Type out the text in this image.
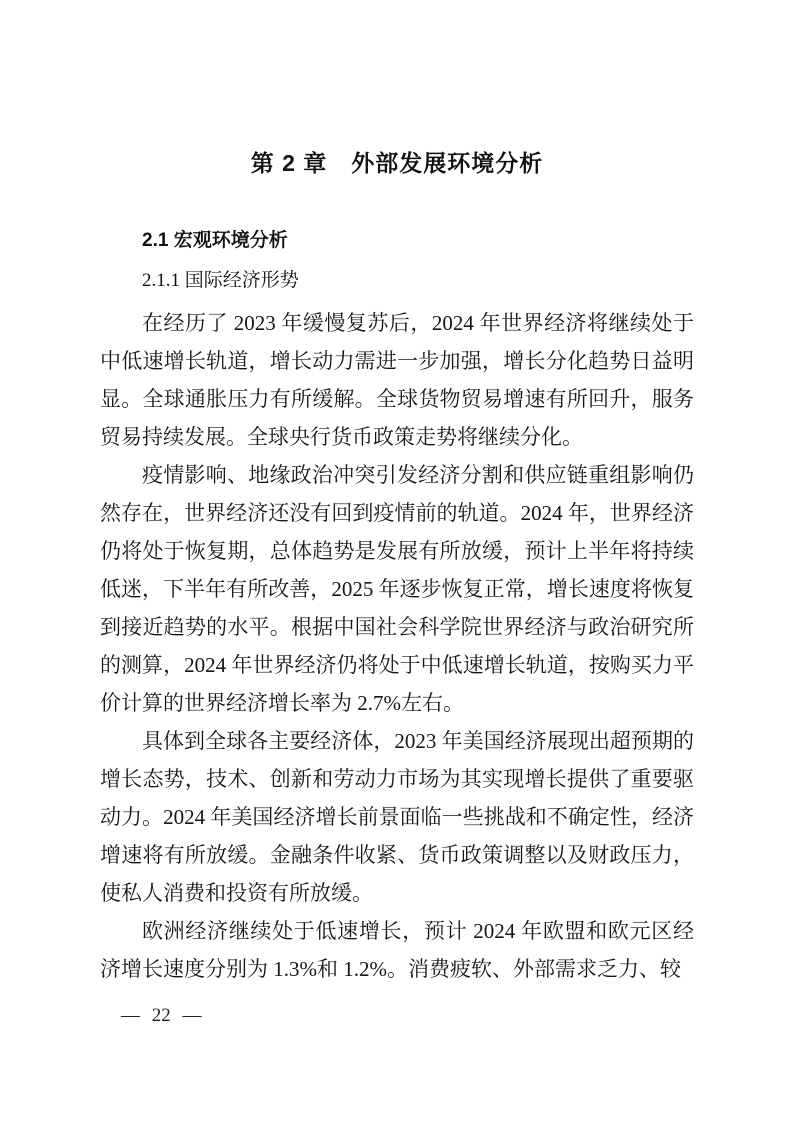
第 2 章　外部发展环境分析
2.1 宏观环境分析
2.1.1 国际经济形势

在经历了 2023 年缓慢复苏后，2024 年世界经济将继续处于中低速增长轨道，增长动力需进一步加强，增长分化趋势日益明显。全球通胀压力有所缓解。全球货物贸易增速有所回升，服务贸易持续发展。全球央行货币政策走势将继续分化。

疫情影响、地缘政治冲突引发经济分割和供应链重组影响仍然存在，世界经济还没有回到疫情前的轨道。2024 年，世界经济仍将处于恢复期，总体趋势是发展有所放缓，预计上半年将持续低迷，下半年有所改善，2025 年逐步恢复正常，增长速度将恢复到接近趋势的水平。根据中国社会科学院世界经济与政治研究所的测算，2024 年世界经济仍将处于中低速增长轨道，按购买力平价计算的世界经济增长率为 2.7%左右。

具体到全球各主要经济体，2023 年美国经济展现出超预期的增长态势，技术、创新和劳动力市场为其实现增长提供了重要驱动力。2024 年美国经济增长前景面临一些挑战和不确定性，经济增速将有所放缓。金融条件收紧、货币政策调整以及财政压力，使私人消费和投资有所放缓。

欧洲经济继续处于低速增长，预计 2024 年欧盟和欧元区经济增长速度分别为 1.3%和 1.2%。消费疲软、外部需求乏力、较

— 22 —
